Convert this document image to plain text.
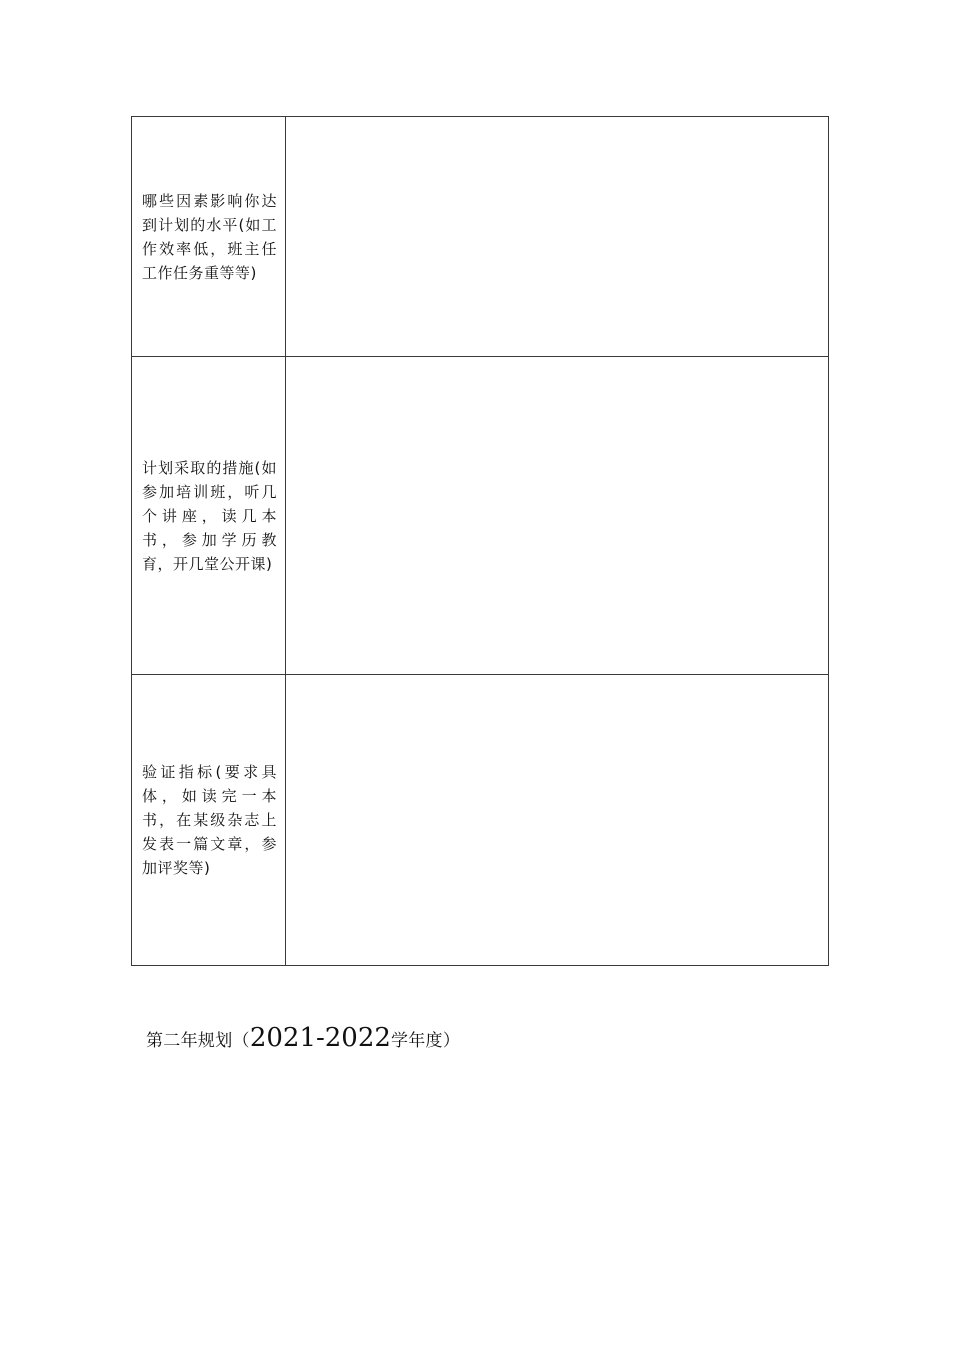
哪些因素影响你达到计划的水平(如工作效率低，班主任工作任务重等等)	

计划采取的措施(如参加培训班，听几个讲座，读几本书，参加学历教育，开几堂公开课)	

验证指标(要求具体，如读完一本书，在某级杂志上发表一篇文章，参加评奖等)	

第二年规划（2021-2022学年度）
